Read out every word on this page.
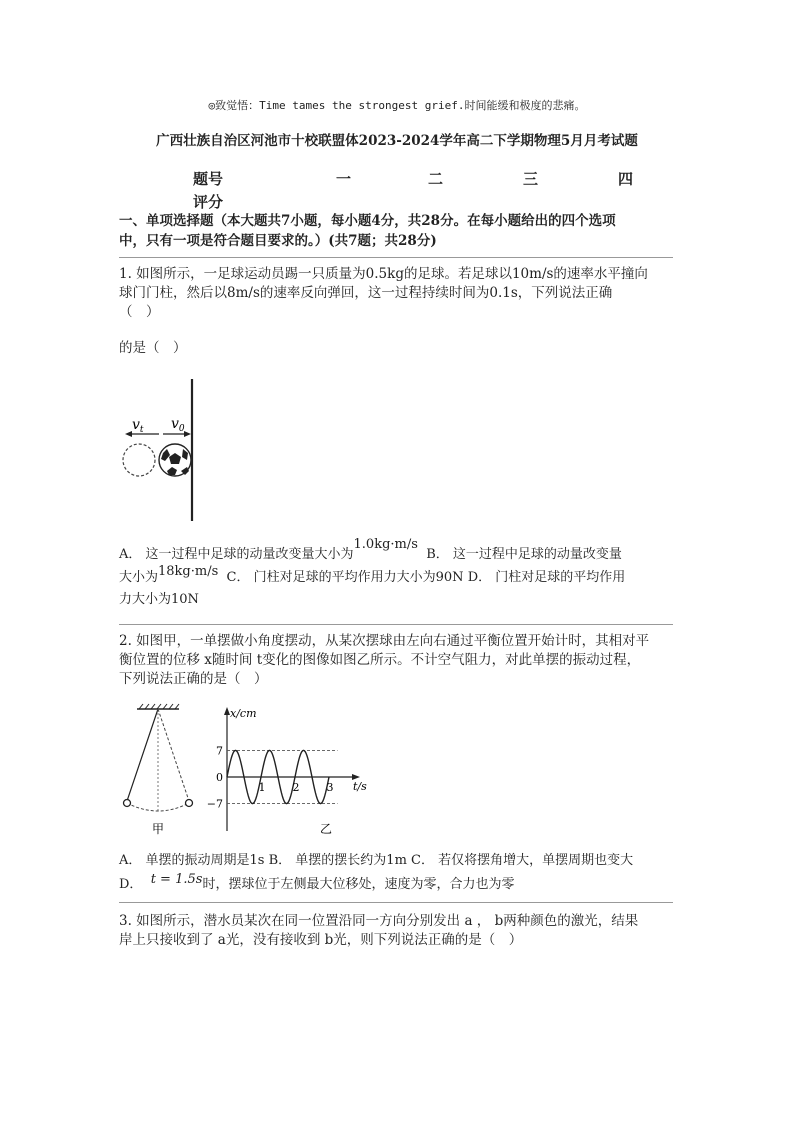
◎致觉悟：Time tames the strongest grief.时间能缓和极度的悲痛。
广西壮族自治区河池市十校联盟体2023-2024学年高二下学期物理5月月考试题
题号	一	二	三	四
评分
一、单项选择题（本大题共7小题，每小题4分，共28分。在每小题给出的四个选项
中，只有一项是符合题目要求的。）(共7题；共28分)
1. 如图所示，一足球运动员踢一只质量为0.5kg的足球。若足球以10m/s的速率水平撞向
球门门柱，然后以8m/s的速率反向弹回，这一过程持续时间为0.1s，下列说法正确
（　）
的是（　）
$v_t$ $v_0$
A． 这一过程中足球的动量改变量大小为1.0kg·m/s  B． 这一过程中足球的动量改变量
大小为18kg·m/s C． 门柱对足球的平均作用力大小为90N D． 门柱对足球的平均作用
力大小为10N
2. 如图甲，一单摆做小角度摆动，从某次摆球由左向右通过平衡位置开始计时，其相对平
衡位置的位移 x随时间 t变化的图像如图乙所示。不计空气阻力，对此单摆的振动过程，
下列说法正确的是（　）
甲
x/cm
t/s
7
0
−7
1 2 3
乙
A． 单摆的振动周期是1s B． 单摆的摆长约为1m C． 若仅将摆角增大，单摆周期也变大
D． t = 1.5s时，摆球位于左侧最大位移处，速度为零，合力也为零
3. 如图所示，潜水员某次在同一位置沿同一方向分别发出 a ， b两种颜色的激光，结果
岸上只接收到了 a光，没有接收到 b光，则下列说法正确的是（　）
